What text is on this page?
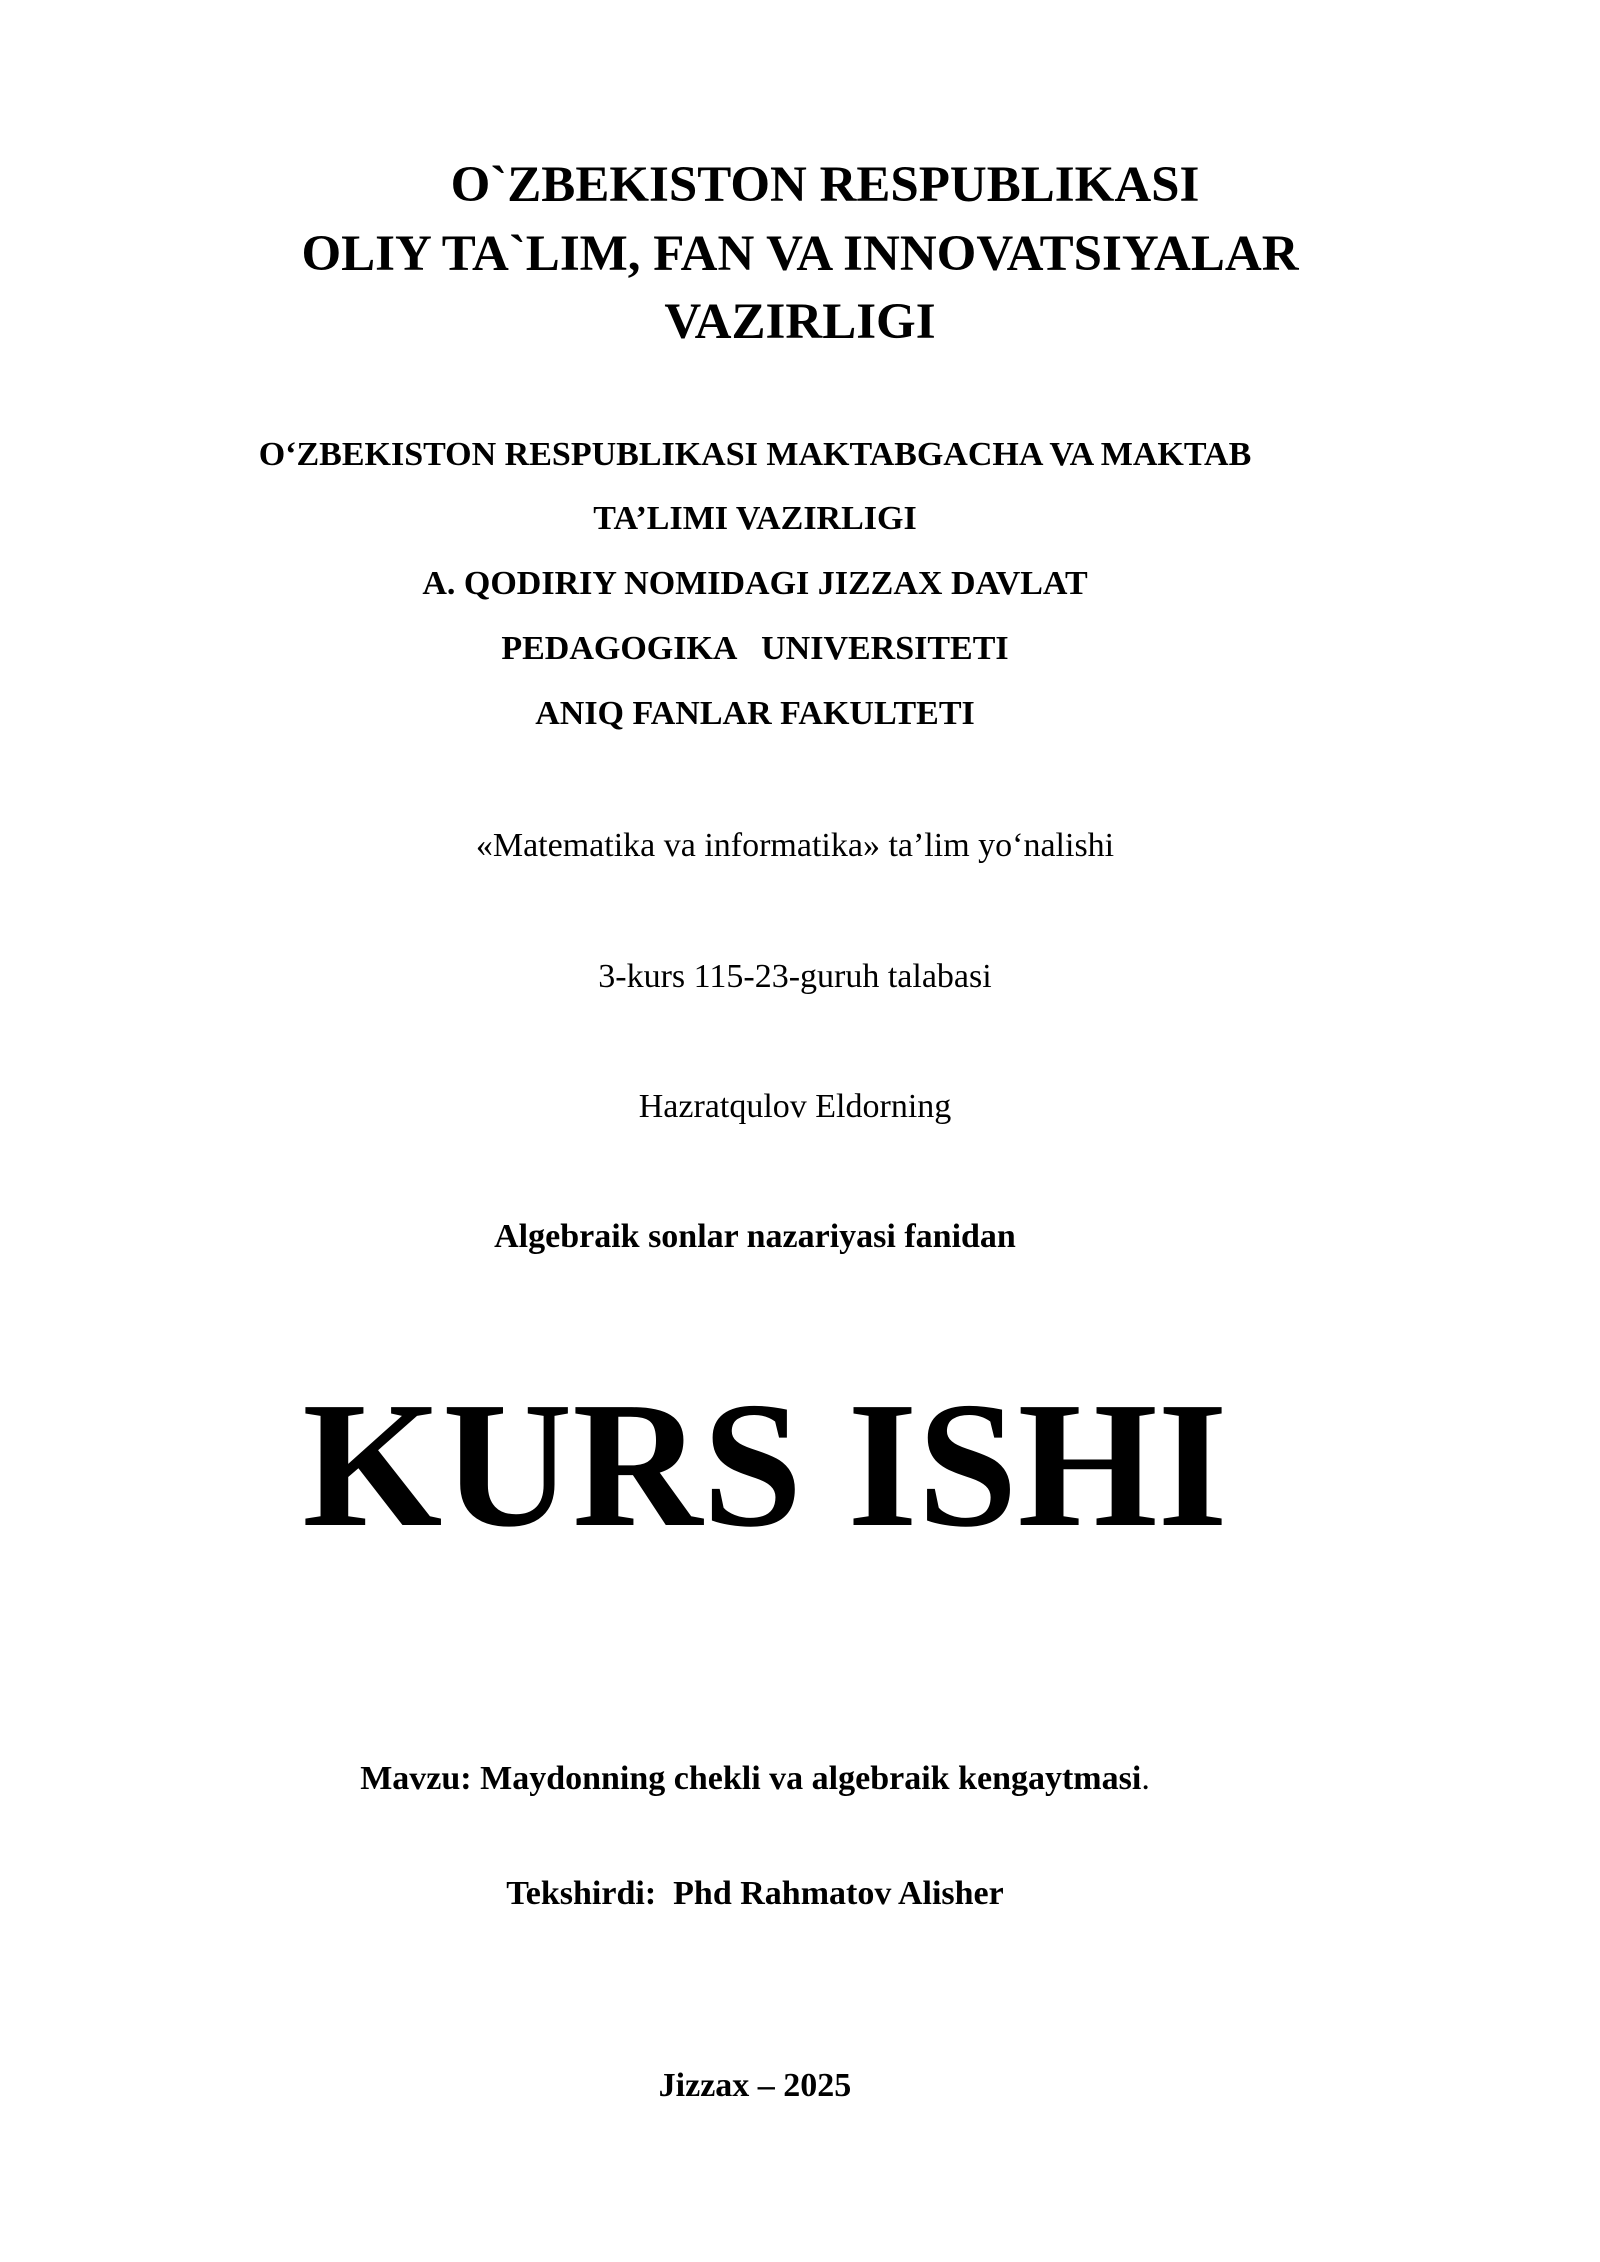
O`ZBEKISTON RESPUBLIKASI
OLIY TA`LIM, FAN VA INNOVATSIYALAR
VAZIRLIGI
O‘ZBEKISTON RESPUBLIKASI MAKTABGACHA VA MAKTAB
TA’LIMI VAZIRLIGI
A. QODIRIY NOMIDAGI JIZZAX DAVLAT
PEDAGOGIKA   UNIVERSITETI
ANIQ FANLAR FAKULTETI
«Matematika va informatika» ta’lim yo‘nalishi
3-kurs 115-23-guruh talabasi
Hazratqulov Eldorning
Algebraik sonlar nazariyasi fanidan
KURS ISHI
Mavzu: Maydonning chekli va algebraik kengaytmasi.
Tekshirdi: Phd Rahmatov Alisher
Jizzax – 2025
